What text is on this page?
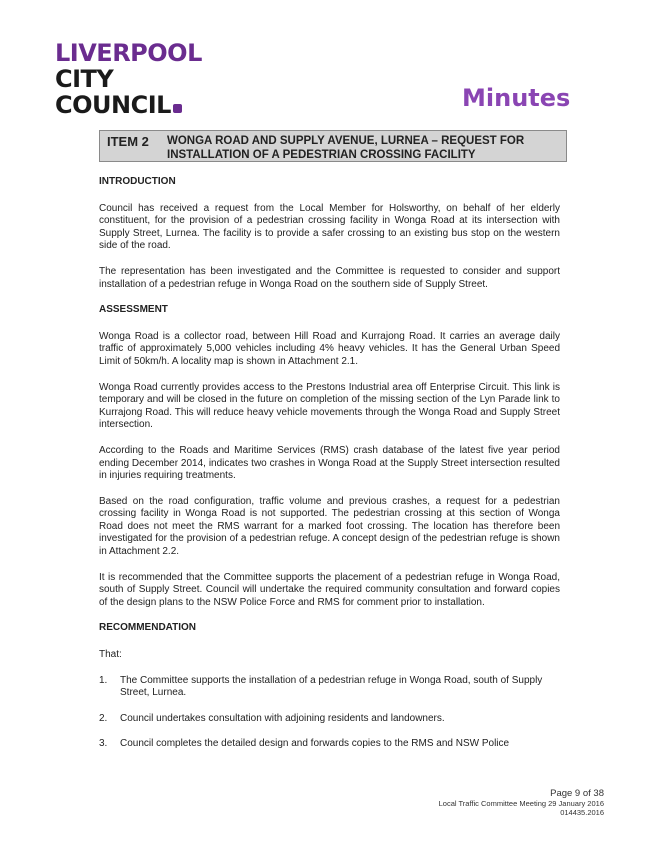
LIVERPOOL
CITY
COUNCIL	Minutes
ITEM 2 WONGA ROAD AND SUPPLY AVENUE, LURNEA – REQUEST FOR INSTALLATION OF A PEDESTRIAN CROSSING FACILITY
INTRODUCTION

Council has received a request from the Local Member for Holsworthy, on behalf of her elderly constituent, for the provision of a pedestrian crossing facility in Wonga Road at its intersection with Supply Street, Lurnea. The facility is to provide a safer crossing to an existing bus stop on the western side of the road.

The representation has been investigated and the Committee is requested to consider and support installation of a pedestrian refuge in Wonga Road on the southern side of Supply Street.

ASSESSMENT

Wonga Road is a collector road, between Hill Road and Kurrajong Road. It carries an average daily traffic of approximately 5,000 vehicles including 4% heavy vehicles. It has the General Urban Speed Limit of 50km/h. A locality map is shown in Attachment 2.1.

Wonga Road currently provides access to the Prestons Industrial area off Enterprise Circuit. This link is temporary and will be closed in the future on completion of the missing section of the Lyn Parade link to Kurrajong Road. This will reduce heavy vehicle movements through the Wonga Road and Supply Street intersection.

According to the Roads and Maritime Services (RMS) crash database of the latest five year period ending December 2014, indicates two crashes in Wonga Road at the Supply Street intersection resulted in injuries requiring treatments.

Based on the road configuration, traffic volume and previous crashes, a request for a pedestrian crossing facility in Wonga Road is not supported. The pedestrian crossing at this section of Wonga Road does not meet the RMS warrant for a marked foot crossing. The location has therefore been investigated for the provision of a pedestrian refuge. A concept design of the pedestrian refuge is shown in Attachment 2.2.

It is recommended that the Committee supports the placement of a pedestrian refuge in Wonga Road, south of Supply Street. Council will undertake the required community consultation and forward copies of the design plans to the NSW Police Force and RMS for comment prior to installation.

RECOMMENDATION

That:

1. The Committee supports the installation of a pedestrian refuge in Wonga Road, south of Supply Street, Lurnea.
2. Council undertakes consultation with adjoining residents and landowners.
3. Council completes the detailed design and forwards copies to the RMS and NSW Police
Page 9 of 38
Local Traffic Committee Meeting 29 January 2016
014435.2016
